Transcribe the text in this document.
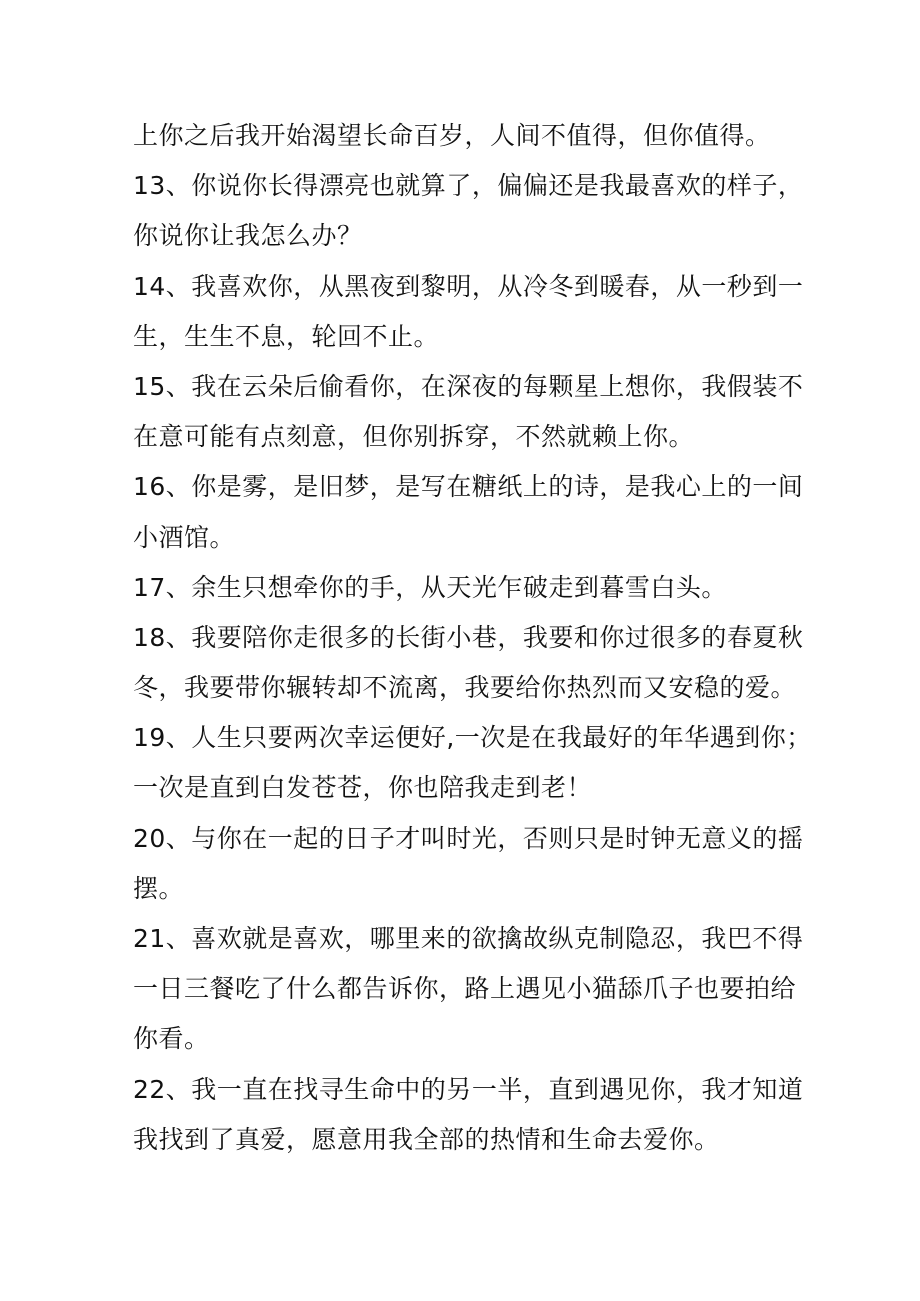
上你之后我开始渴望长命百岁，人间不值得，但你值得。
13、你说你长得漂亮也就算了，偏偏还是我最喜欢的样子，
你说你让我怎么办？
14、我喜欢你，从黑夜到黎明，从冷冬到暖春，从一秒到一
生，生生不息，轮回不止。
15、我在云朵后偷看你，在深夜的每颗星上想你，我假装不
在意可能有点刻意，但你别拆穿，不然就赖上你。
16、你是雾，是旧梦，是写在糖纸上的诗，是我心上的一间
小酒馆。
17、余生只想牵你的手，从天光乍破走到暮雪白头。
18、我要陪你走很多的长街小巷，我要和你过很多的春夏秋
冬，我要带你辗转却不流离，我要给你热烈而又安稳的爱。
19、人生只要两次幸运便好,一次是在我最好的年华遇到你；
一次是直到白发苍苍，你也陪我走到老！
20、与你在一起的日子才叫时光，否则只是时钟无意义的摇
摆。
21、喜欢就是喜欢，哪里来的欲擒故纵克制隐忍，我巴不得
一日三餐吃了什么都告诉你，路上遇见小猫舔爪子也要拍给
你看。
22、我一直在找寻生命中的另一半，直到遇见你，我才知道
我找到了真爱，愿意用我全部的热情和生命去爱你。
